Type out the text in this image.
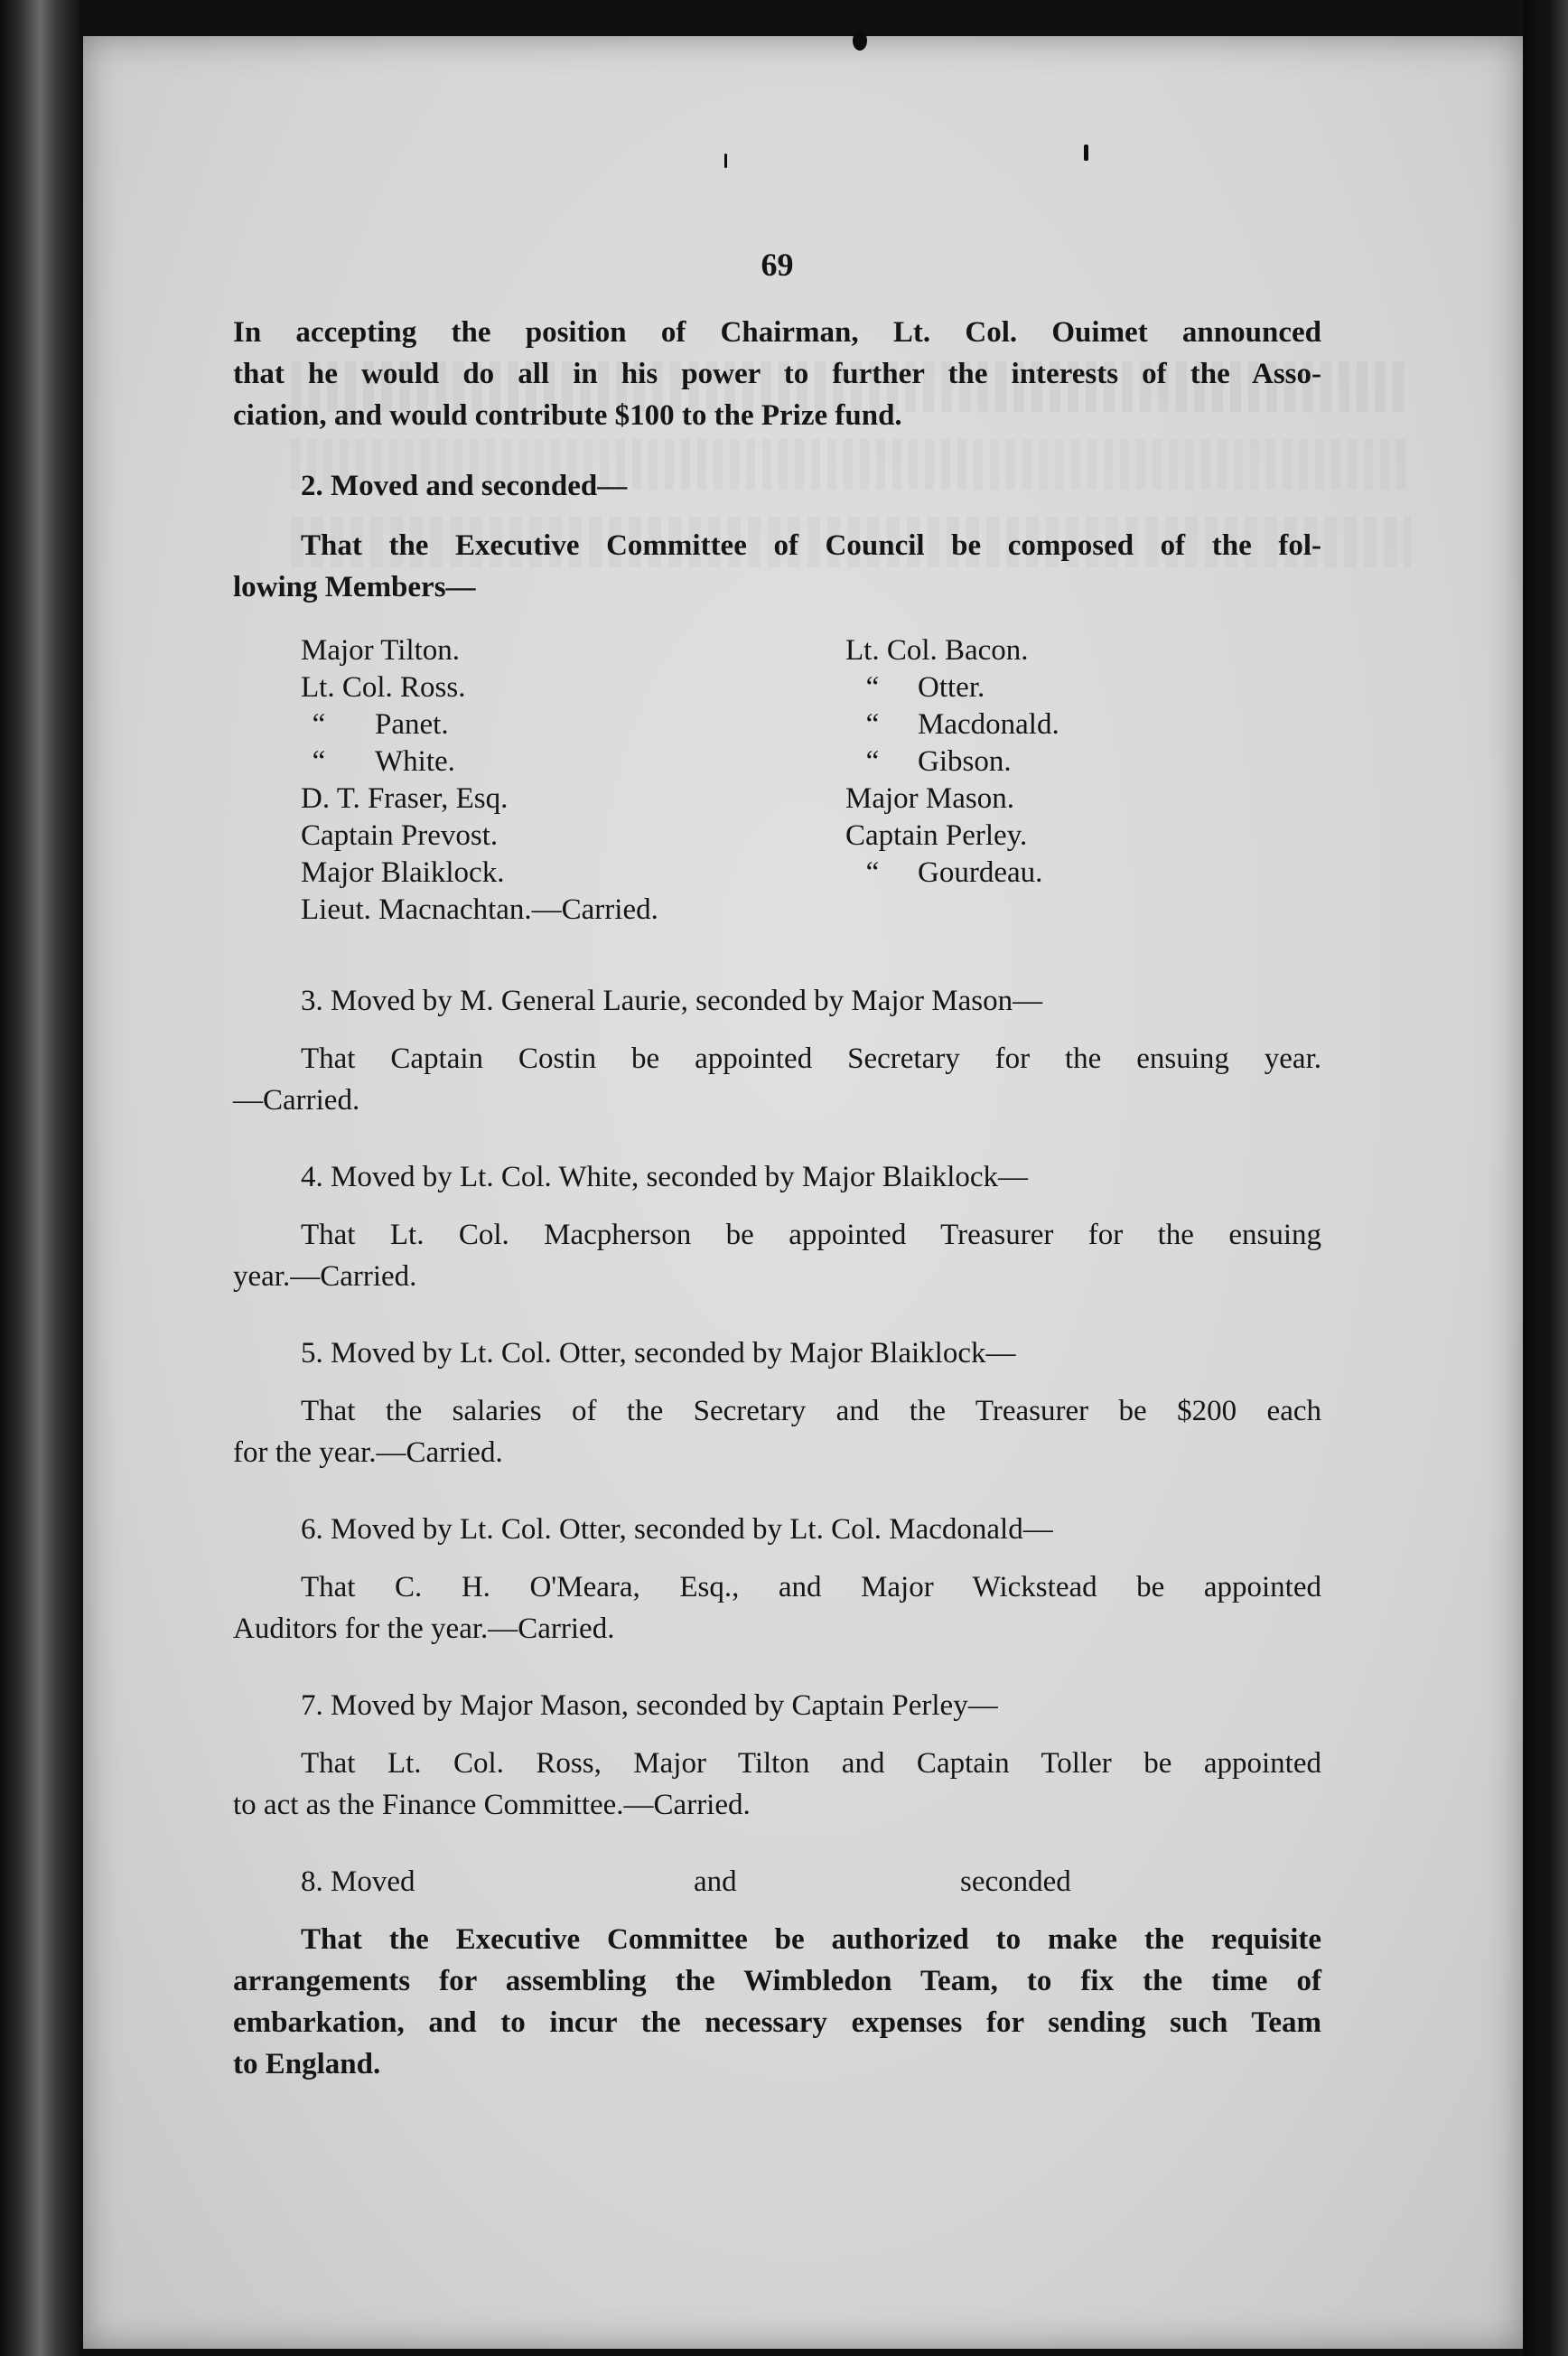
69
In accepting the position of Chairman, Lt. Col. Ouimet announced
that he would do all in his power to further the interests of the Asso-
ciation, and would contribute $100 to the Prize fund.
2. Moved and seconded—
That the Executive Committee of Council be composed of the fol-
lowing Members—
Major Tilton.
Lt. Col. Ross.
“ Panet.
“ White.
D. T. Fraser, Esq.
Captain Prevost.
Major Blaiklock.
Lieut. Macnachtan.—Carried.
Lt. Col. Bacon.
“ Otter.
“ Macdonald.
“ Gibson.
Major Mason.
Captain Perley.
“ Gourdeau.
3. Moved by M. General Laurie, seconded by Major Mason—
That Captain Costin be appointed Secretary for the ensuing year.
—Carried.
4. Moved by Lt. Col. White, seconded by Major Blaiklock—
That Lt. Col. Macpherson be appointed Treasurer for the ensuing
year.—Carried.
5. Moved by Lt. Col. Otter, seconded by Major Blaiklock—
That the salaries of the Secretary and the Treasurer be $200 each
for the year.—Carried.
6. Moved by Lt. Col. Otter, seconded by Lt. Col. Macdonald—
That C. H. O'Meara, Esq., and Major Wickstead be appointed
Auditors for the year.—Carried.
7. Moved by Major Mason, seconded by Captain Perley—
That Lt. Col. Ross, Major Tilton and Captain Toller be appointed
to act as the Finance Committee.—Carried.
8. Moved	and	seconded
That the Executive Committee be authorized to make the requisite
arrangements for assembling the Wimbledon Team, to fix the time of
embarkation, and to incur the necessary expenses for sending such Team
to England.
